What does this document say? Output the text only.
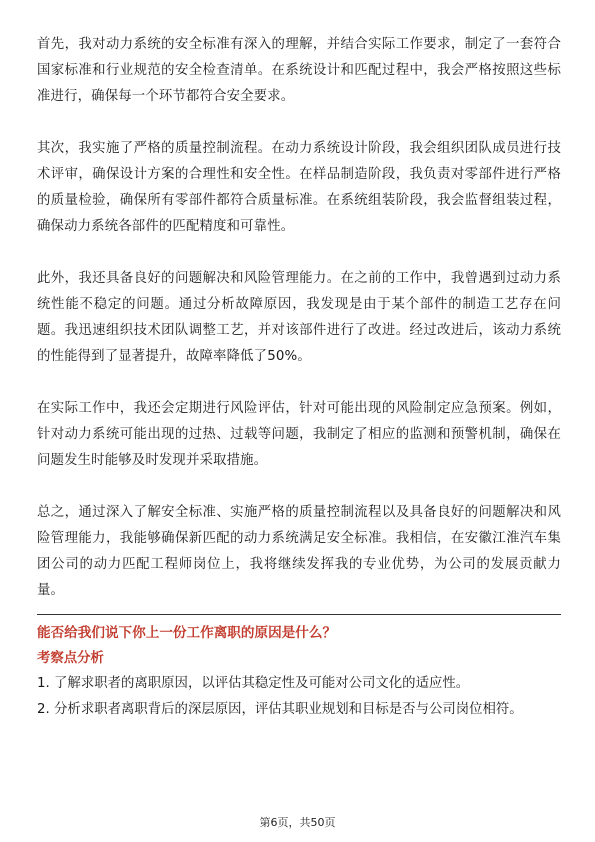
首先，我对动力系统的安全标准有深入的理解，并结合实际工作要求，制定了一套符合国家标准和行业规范的安全检查清单。在系统设计和匹配过程中，我会严格按照这些标准进行，确保每一个环节都符合安全要求。

其次，我实施了严格的质量控制流程。在动力系统设计阶段，我会组织团队成员进行技术评审，确保设计方案的合理性和安全性。在样品制造阶段，我负责对零部件进行严格的质量检验，确保所有零部件都符合质量标准。在系统组装阶段，我会监督组装过程，确保动力系统各部件的匹配精度和可靠性。

此外，我还具备良好的问题解决和风险管理能力。在之前的工作中，我曾遇到过动力系统性能不稳定的问题。通过分析故障原因，我发现是由于某个部件的制造工艺存在问题。我迅速组织技术团队调整工艺，并对该部件进行了改进。经过改进后，该动力系统的性能得到了显著提升，故障率降低了50%。

在实际工作中，我还会定期进行风险评估，针对可能出现的风险制定应急预案。例如，针对动力系统可能出现的过热、过载等问题，我制定了相应的监测和预警机制，确保在问题发生时能够及时发现并采取措施。

总之，通过深入了解安全标准、实施严格的质量控制流程以及具备良好的问题解决和风险管理能力，我能够确保新匹配的动力系统满足安全标准。我相信，在安徽江淮汽车集团公司的动力匹配工程师岗位上，我将继续发挥我的专业优势，为公司的发展贡献力量。

能否给我们说下你上一份工作离职的原因是什么？

考察点分析

1. 了解求职者的离职原因，以评估其稳定性及可能对公司文化的适应性。

2. 分析求职者离职背后的深层原因，评估其职业规划和目标是否与公司岗位相符。

第6页，共50页
